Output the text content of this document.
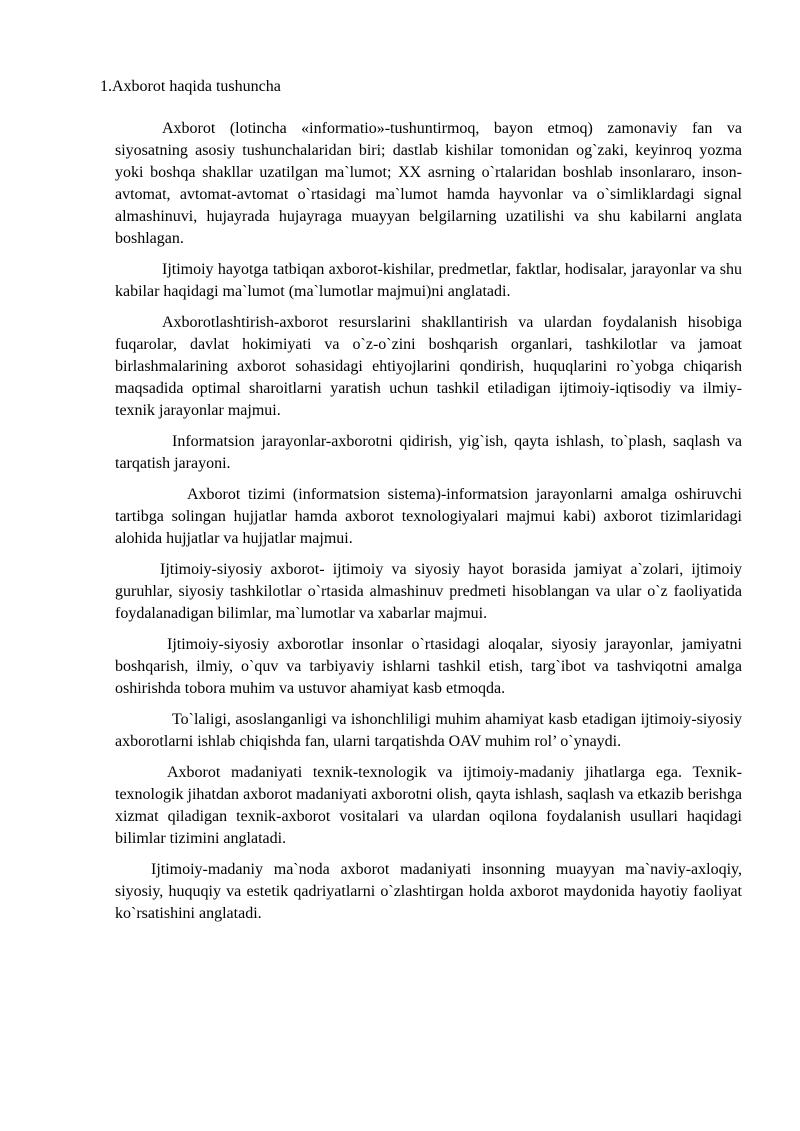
1.Axborot haqida tushuncha

Axborot (lotincha «informatio»-tushuntirmoq, bayon etmoq) zamonaviy fan va siyosatning asosiy tushunchalaridan biri; dastlab kishilar tomonidan og`zaki, keyinroq yozma yoki boshqa shakllar uzatilgan ma`lumot; XX asrning o`rtalaridan boshlab insonlararo, inson-avtomat, avtomat-avtomat o`rtasidagi ma`lumot hamda hayvonlar va o`simliklardagi signal almashinuvi, hujayrada hujayraga muayyan belgilarning uzatilishi va shu kabilarni anglata boshlagan.

Ijtimoiy hayotga tatbiqan axborot-kishilar, predmetlar, faktlar, hodisalar, jarayonlar va shu kabilar haqidagi ma`lumot (ma`lumotlar majmui)ni anglatadi.

Axborotlashtirish-axborot resurslarini shakllantirish va ulardan foydalanish hisobiga fuqarolar, davlat hokimiyati va o`z-o`zini boshqarish organlari, tashkilotlar va jamoat birlashmalarining axborot sohasidagi ehtiyojlarini qondirish, huquqlarini ro`yobga chiqarish maqsadida optimal sharoitlarni yaratish uchun tashkil etiladigan ijtimoiy-iqtisodiy va ilmiy-texnik jarayonlar majmui.

Informatsion jarayonlar-axborotni qidirish, yig`ish, qayta ishlash, to`plash, saqlash va tarqatish jarayoni.

Axborot tizimi (informatsion sistema)-informatsion jarayonlarni amalga oshiruvchi tartibga solingan hujjatlar hamda axborot texnologiyalari majmui kabi) axborot tizimlaridagi alohida hujjatlar va hujjatlar majmui.

Ijtimoiy-siyosiy axborot- ijtimoiy va siyosiy hayot borasida jamiyat a`zolari, ijtimoiy guruhlar, siyosiy tashkilotlar o`rtasida almashinuv predmeti hisoblangan va ular o`z faoliyatida foydalanadigan bilimlar, ma`lumotlar va xabarlar majmui.

Ijtimoiy-siyosiy axborotlar insonlar o`rtasidagi aloqalar, siyosiy jarayonlar, jamiyatni boshqarish, ilmiy, o`quv va tarbiyaviy ishlarni tashkil etish, targ`ibot va tashviqotni amalga oshirishda tobora muhim va ustuvor ahamiyat kasb etmoqda.

To`laligi, asoslanganligi va ishonchliligi muhim ahamiyat kasb etadigan ijtimoiy-siyosiy axborotlarni ishlab chiqishda fan, ularni tarqatishda OAV muhim rol’ o`ynaydi.

Axborot madaniyati texnik-texnologik va ijtimoiy-madaniy jihatlarga ega. Texnik-texnologik jihatdan axborot madaniyati axborotni olish, qayta ishlash, saqlash va etkazib berishga xizmat qiladigan texnik-axborot vositalari va ulardan oqilona foydalanish usullari haqidagi bilimlar tizimini anglatadi.

Ijtimoiy-madaniy ma`noda axborot madaniyati insonning muayyan ma`naviy-axloqiy, siyosiy, huquqiy va estetik qadriyatlarni o`zlashtirgan holda axborot maydonida hayotiy faoliyat ko`rsatishini anglatadi.
